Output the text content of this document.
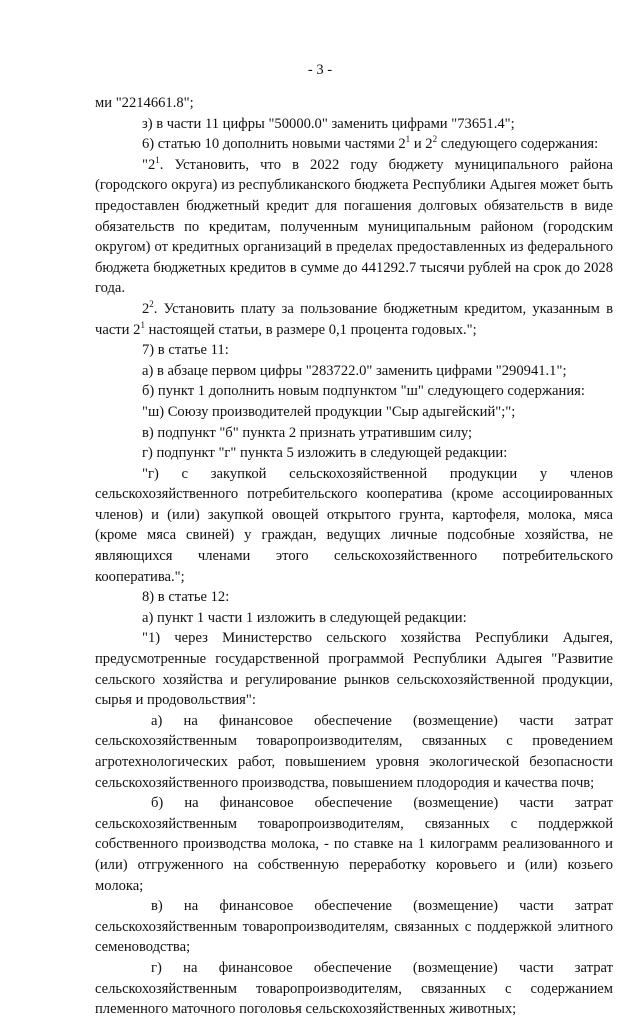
- 3 -

ми "2214661.8";

з) в части 11 цифры "50000.0" заменить цифрами "73651.4";

6) статью 10 дополнить новыми частями $2^1$ и $2^2$ следующего содержания:

"$2^1$. Установить, что в 2022 году бюджету муниципального района (городского округа) из республиканского бюджета Республики Адыгея может быть предоставлен бюджетный кредит для погашения долговых обязательств в виде обязательств по кредитам, полученным муниципальным районом (городским округом) от кредитных организаций в пределах предоставленных из федерального бюджета бюджетных кредитов в сумме до 441292.7 тысячи рублей на срок до 2028 года.

$2^2$. Установить плату за пользование бюджетным кредитом, указанным в части $2^1$ настоящей статьи, в размере 0,1 процента годовых.";

7) в статье 11:

а) в абзаце первом цифры "283722.0" заменить цифрами "290941.1";

б) пункт 1 дополнить новым подпунктом "ш" следующего содержания:

"ш) Союзу производителей продукции "Сыр адыгейский";";

в) подпункт "б" пункта 2 признать утратившим силу;

г) подпункт "г" пункта 5 изложить в следующей редакции:

"г) с закупкой сельскохозяйственной продукции у членов сельскохозяйственного потребительского кооператива (кроме ассоциированных членов) и (или) закупкой овощей открытого грунта, картофеля, молока, мяса (кроме мяса свиней) у граждан, ведущих личные подсобные хозяйства, не являющихся членами этого сельскохозяйственного потребительского кооператива.";

8) в статье 12:

а) пункт 1 части 1 изложить в следующей редакции:

"1) через Министерство сельского хозяйства Республики Адыгея, предусмотренные государственной программой Республики Адыгея "Развитие сельского хозяйства и регулирование рынков сельскохозяйственной продукции, сырья и продовольствия":

а) на финансовое обеспечение (возмещение) части затрат сельскохозяйственным товаропроизводителям, связанных с проведением агротехнологических работ, повышением уровня экологической безопасности сельскохозяйственного производства, повышением плодородия и качества почв;

б) на финансовое обеспечение (возмещение) части затрат сельскохозяйственным товаропроизводителям, связанных с поддержкой собственного производства молока, - по ставке на 1 килограмм реализованного и (или) отгруженного на собственную переработку коровьего и (или) козьего молока;

в) на финансовое обеспечение (возмещение) части затрат сельскохозяйственным товаропроизводителям, связанных с поддержкой элитного семеноводства;

г) на финансовое обеспечение (возмещение) части затрат сельскохозяйственным товаропроизводителям, связанных с содержанием племенного маточного поголовья сельскохозяйственных животных;
